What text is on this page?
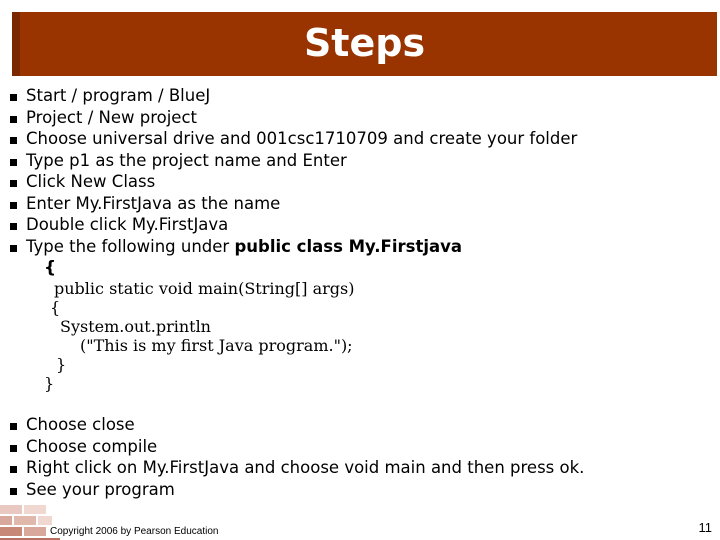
Steps
Start / program / BlueJ
Project / New project
Choose universal drive and 001csc1710709 and create your folder
Type p1 as the project name and Enter
Click New Class
Enter My.FirstJava as the name
Double click My.FirstJava
Type the following under public class My.Firstjava
{
public static void main(String[] args)
{
System.out.println
("This is my first Java program.");
}
}
Choose close
Choose compile
Right click on My.FirstJava and choose void main and then press ok.
See your program
Copyright 2006 by Pearson Education	11
